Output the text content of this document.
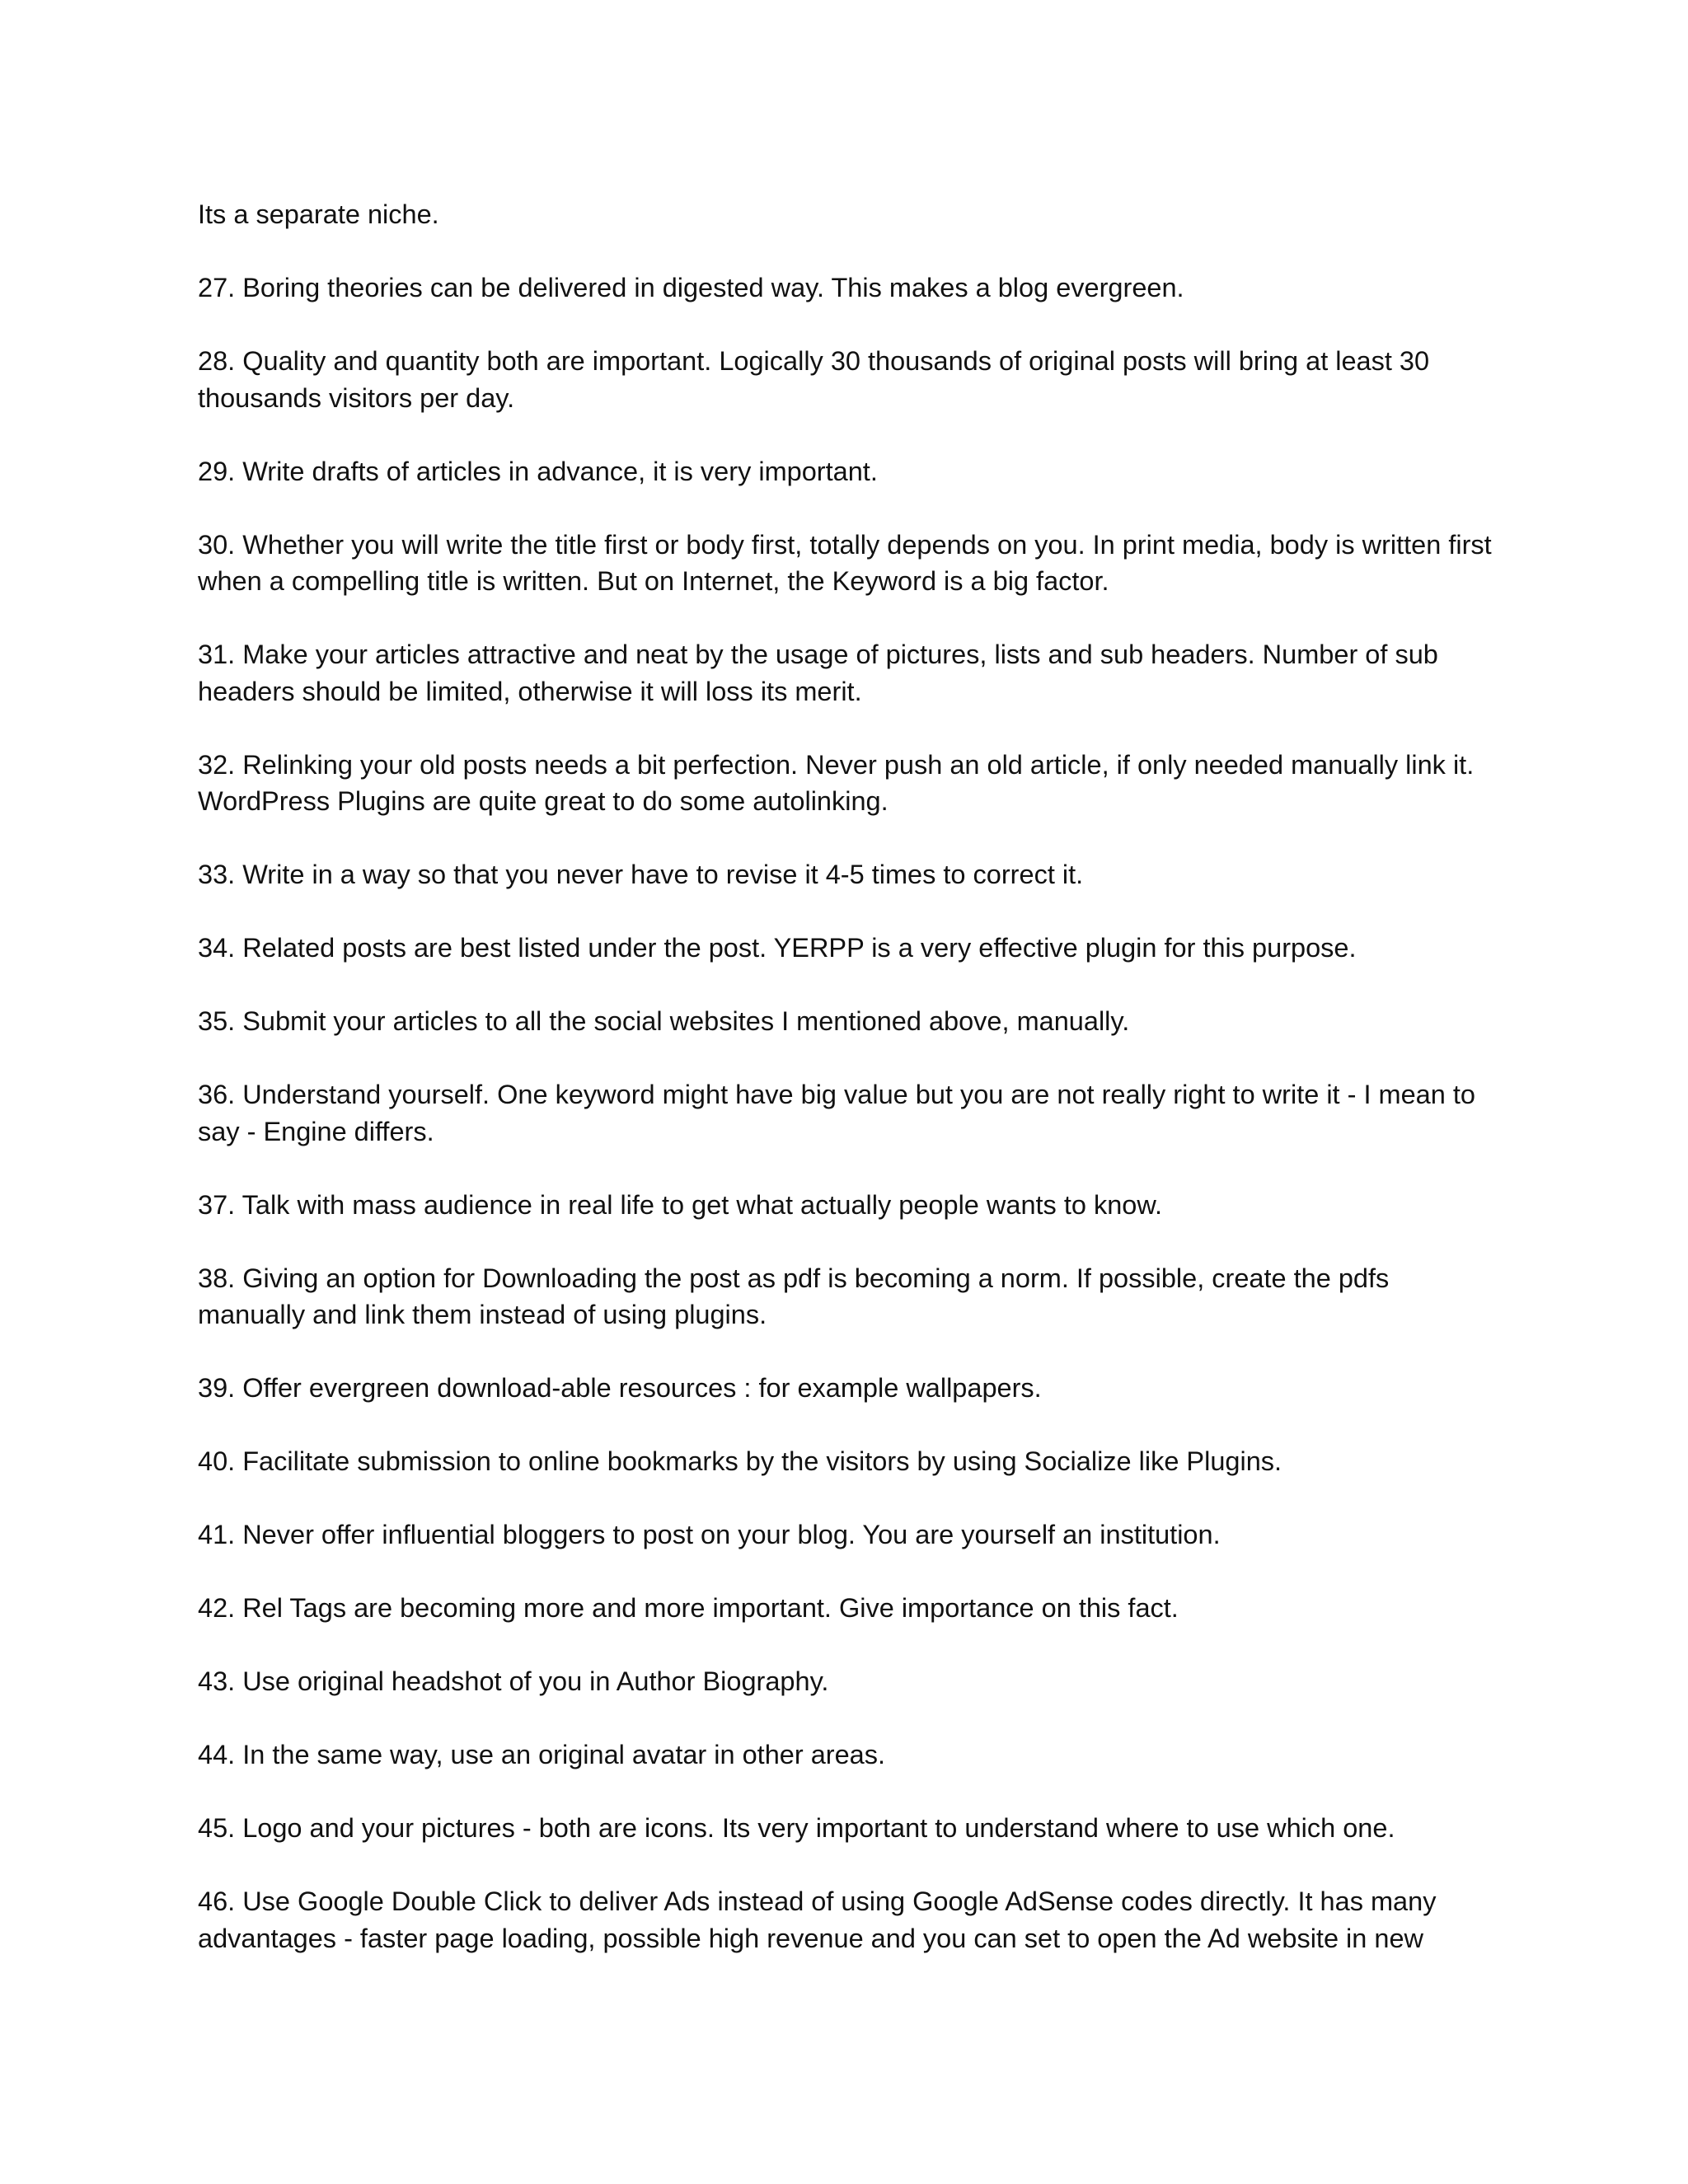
Its a separate niche.

27. Boring theories can be delivered in digested way. This makes a blog evergreen.

28. Quality and quantity both are important. Logically 30 thousands of original posts will bring at least 30 thousands visitors per day.

29. Write drafts of articles in advance, it is very important.

30. Whether you will write the title first or body first, totally depends on you. In print media, body is written first when a compelling title is written. But on Internet, the Keyword is a big factor.

31. Make your articles attractive and neat by the usage of pictures, lists and sub headers. Number of sub headers should be limited, otherwise it will loss its merit.

32. Relinking your old posts needs a bit perfection. Never push an old article, if only needed manually link it. WordPress Plugins are quite great to do some autolinking.

33. Write in a way so that you never have to revise it 4-5 times to correct it.

34. Related posts are best listed under the post. YERPP is a very effective plugin for this purpose.

35. Submit your articles to all the social websites I mentioned above, manually.

36. Understand yourself. One keyword might have big value but you are not really right to write it - I mean to say - Engine differs.

37. Talk with mass audience in real life to get what actually people wants to know.

38. Giving an option for Downloading the post as pdf is becoming a norm. If possible, create the pdfs manually and link them instead of using plugins.

39. Offer evergreen download-able resources : for example wallpapers.

40. Facilitate submission to online bookmarks by the visitors by using Socialize like Plugins.

41. Never offer influential bloggers to post on your blog. You are yourself an institution.

42. Rel Tags are becoming more and more important. Give importance on this fact.

43. Use original headshot of you in Author Biography.

44. In the same way, use an original avatar in other areas.

45. Logo and your pictures - both are icons. Its very important to understand where to use which one.

46. Use Google Double Click to deliver Ads instead of using Google AdSense codes directly. It has many advantages - faster page loading, possible high revenue and you can set to open the Ad website in new
